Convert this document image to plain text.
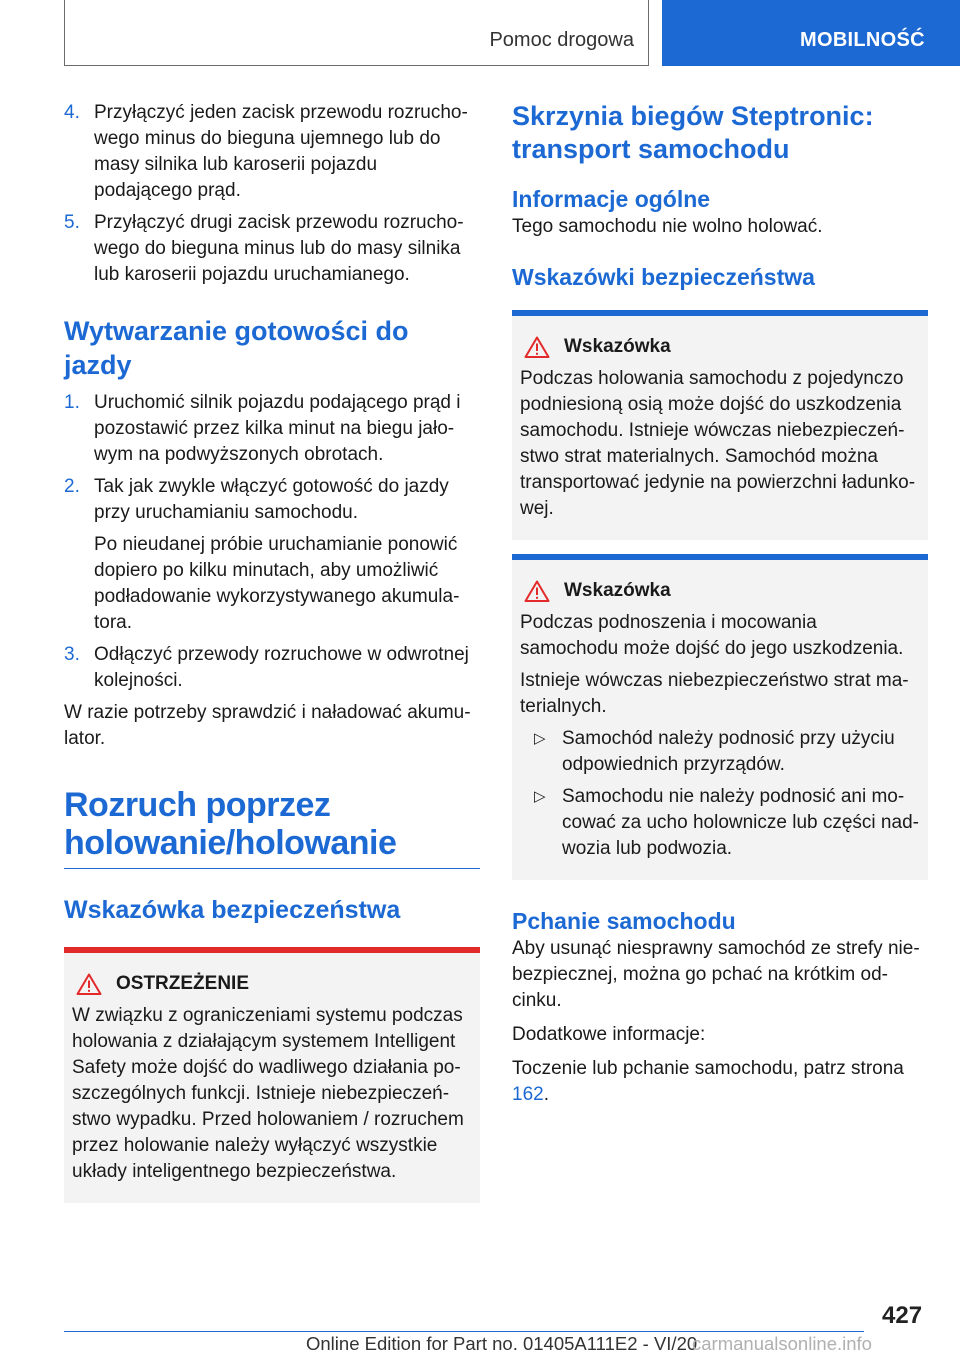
Pomoc drogowa	MOBILNOŚĆ
4. Przyłączyć jeden zacisk przewodu rozruchowego minus do bieguna ujemnego lub do masy silnika lub karoserii pojazdu podającego prąd.
5. Przyłączyć drugi zacisk przewodu rozruchowego do bieguna minus lub do masy silnika lub karoserii pojazdu uruchamianego.
Wytwarzanie gotowości do jazdy
1. Uruchomić silnik pojazdu podającego prąd i pozostawić przez kilka minut na biegu jałowym na podwyższonych obrotach.
2. Tak jak zwykle włączyć gotowość do jazdy przy uruchamianiu samochodu.
Po nieudanej próbie uruchamianie ponowić dopiero po kilku minutach, aby umożliwić podładowanie wykorzystywanego akumulatora.
3. Odłączyć przewody rozruchowe w odwrotnej kolejności.

W razie potrzeby sprawdzić i naładować akumulator.

Rozruch poprzez
holowanie/holowanie
Wskazówka bezpieczeństwa
OSTRZEŻENIE

W związku z ograniczeniami systemu podczas holowania z działającym systemem Intelligent Safety może dojść do wadliwego działania poszczególnych funkcji. Istnieje niebezpieczeństwo wypadku. Przed holowaniem / rozruchem przez holowanie należy wyłączyć wszystkie układy inteligentnego bezpieczeństwa.

Skrzynia biegów Steptronic: transport samochodu
Informacje ogólne

Tego samochodu nie wolno holować.

Wskazówki bezpieczeństwa
Wskazówka

Podczas holowania samochodu z pojedynczo podniesioną osią może dojść do uszkodzenia samochodu. Istnieje wówczas niebezpieczeństwo strat materialnych. Samochód można transportować jedynie na powierzchni ładunkowej.

Wskazówka

Podczas podnoszenia i mocowania samochodu może dojść do jego uszkodzenia.

Istnieje wówczas niebezpieczeństwo strat materialnych.

▷ Samochód należy podnosić przy użyciu odpowiednich przyrządów.
▷ Samochodu nie należy podnosić ani mocować za ucho holownicze lub części nadwozia lub podwozia.
Pchanie samochodu

Aby usunąć niesprawny samochód ze strefy niebezpiecznej, można go pchać na krótkim odcinku.

Dodatkowe informacje:

Toczenie lub pchanie samochodu, patrz strona 162.

427
Online Edition for Part no. 01405A111E2 - VI/20
carmanualsonline.info
